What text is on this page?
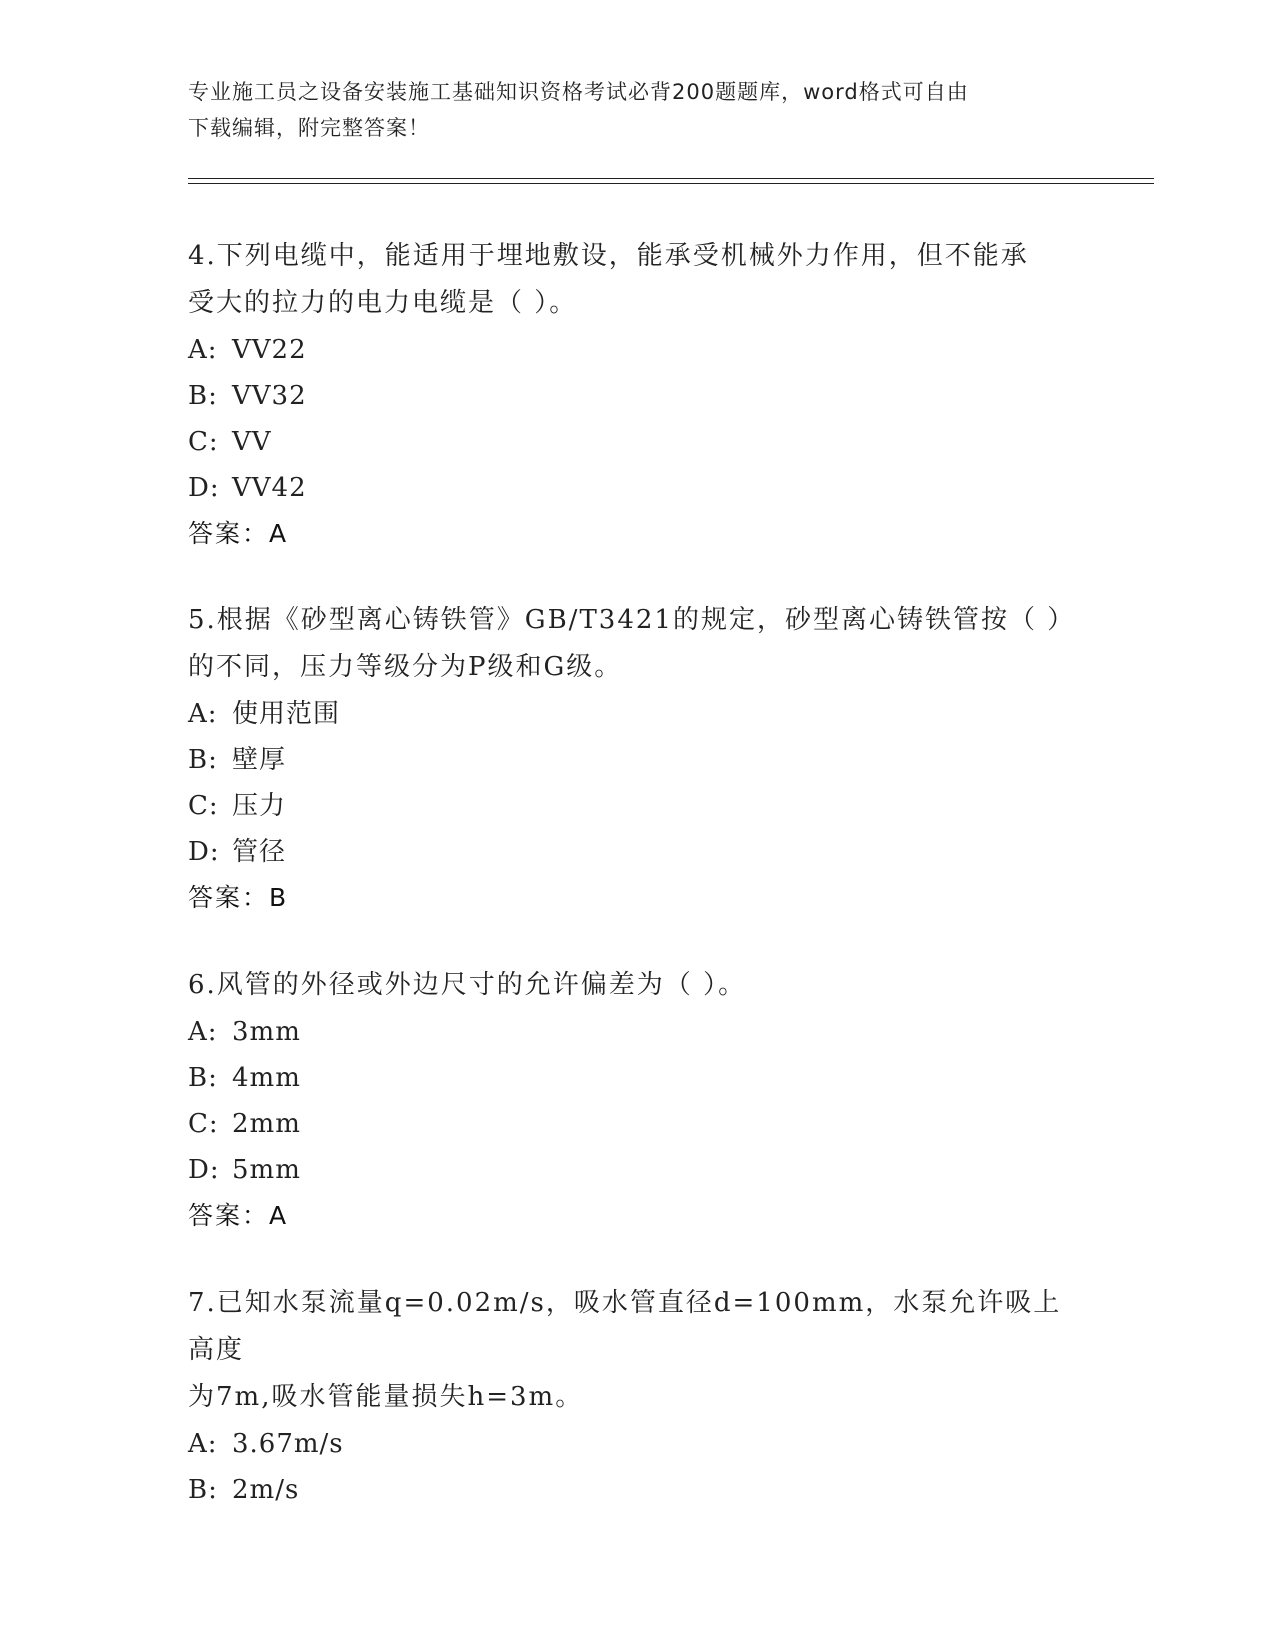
专业施工员之设备安装施工基础知识资格考试必背200题题库，word格式可自由
下载编辑，附完整答案！
4.下列电缆中，能适用于埋地敷设，能承受机械外力作用，但不能承
受大的拉力的电力电缆是（ ）。
A: VV22
B: VV32
C: VV
D: VV42
答案：A
5.根据《砂型离心铸铁管》GB/T3421的规定，砂型离心铸铁管按（ ）
的不同，压力等级分为P级和G级。
A: 使用范围
B: 壁厚
C: 压力
D: 管径
答案：B
6.风管的外径或外边尺寸的允许偏差为（ ）。
A: 3mm
B: 4mm
C: 2mm
D: 5mm
答案：A
7.已知水泵流量q=0.02m/s，吸水管直径d=100mm，水泵允许吸上高度
为7m,吸水管能量损失h=3m。
A: 3.67m/s
B: 2m/s
